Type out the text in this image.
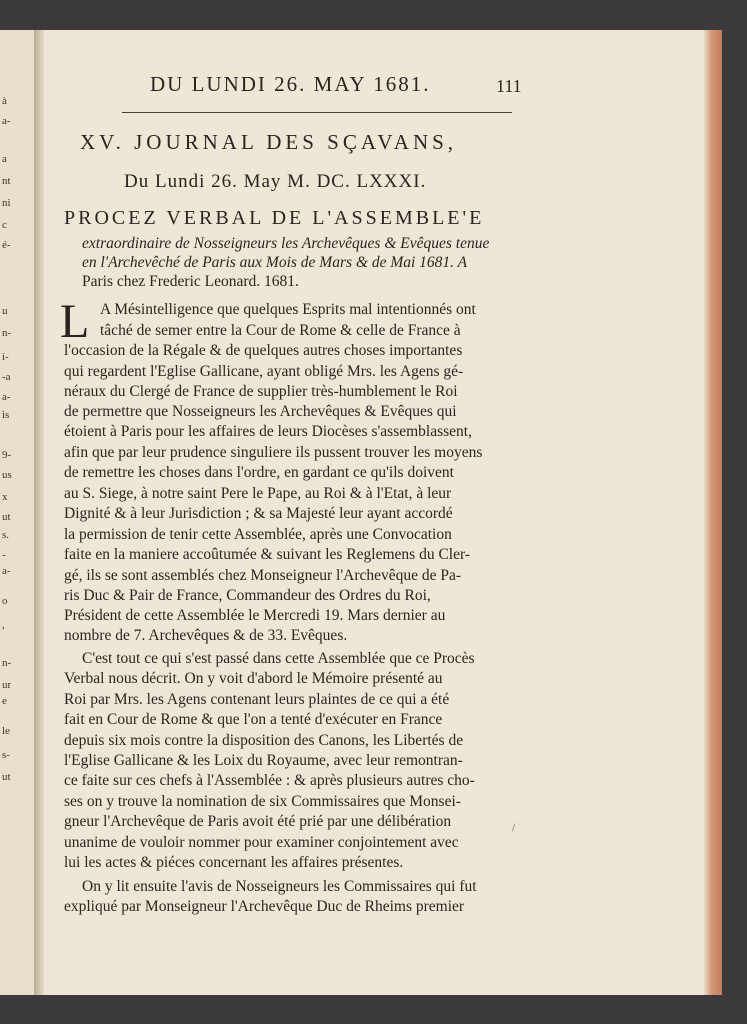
à
a-
a
nt
ni
c
é-
u
n-
i-
-a
a-
is
9-
us
x
ut
s.
-
a-
o
,
n-
ur
e
le
s-
ut
DU LUNDI 26. MAY 1681.	111
XV. JOURNAL DES SÇAVANS,
Du Lundi 26. May M. DC. LXXXI.
PROCEZ VERBAL DE L'ASSEMBLE'E
extraordinaire de Nosseigneurs les Archevêques & Evêques tenue
en l'Archevêché de Paris aux Mois de Mars & de Mai 1681. A
Paris chez Frederic Leonard. 1681.
L A Mésintelligence que quelques Esprits mal intentionnés ont
tâché de semer entre la Cour de Rome & celle de France à
l'occasion de la Régale & de quelques autres choses importantes
qui regardent l'Eglise Gallicane, ayant obligé Mrs. les Agens gé-
néraux du Clergé de France de supplier très-humblement le Roi
de permettre que Nosseigneurs les Archevêques & Evêques qui
étoient à Paris pour les affaires de leurs Diocèses s'assemblassent,
afin que par leur prudence singuliere ils pussent trouver les moyens
de remettre les choses dans l'ordre, en gardant ce qu'ils doivent
au S. Siege, à notre saint Pere le Pape, au Roi & à l'Etat, à leur
Dignité & à leur Jurisdiction ; & sa Majesté leur ayant accordé
la permission de tenir cette Assemblée, après une Convocation
faite en la maniere accoûtumée & suivant les Reglemens du Cler-
gé, ils se sont assemblés chez Monseigneur l'Archevêque de Pa-
ris Duc & Pair de France, Commandeur des Ordres du Roi,
Président de cette Assemblée le Mercredi 19. Mars dernier au
nombre de 7. Archevêques & de 33. Evêques.
C'est tout ce qui s'est passé dans cette Assemblée que ce Procès
Verbal nous décrit. On y voit d'abord le Mémoire présenté au
Roi par Mrs. les Agens contenant leurs plaintes de ce qui a été
fait en Cour de Rome & que l'on a tenté d'exécuter en France
depuis six mois contre la disposition des Canons, les Libertés de
l'Eglise Gallicane & les Loix du Royaume, avec leur remontran-
ce faite sur ces chefs à l'Assemblée : & après plusieurs autres cho-
ses on y trouve la nomination de six Commissaires que Monsei-
gneur l'Archevêque de Paris avoit été prié par une délibération
unanime de vouloir nommer pour examiner conjointement avec
lui les actes & piéces concernant les affaires présentes.
On y lit ensuite l'avis de Nosseigneurs les Commissaires qui fut
expliqué par Monseigneur l'Archevêque Duc de Rheims premier
/
